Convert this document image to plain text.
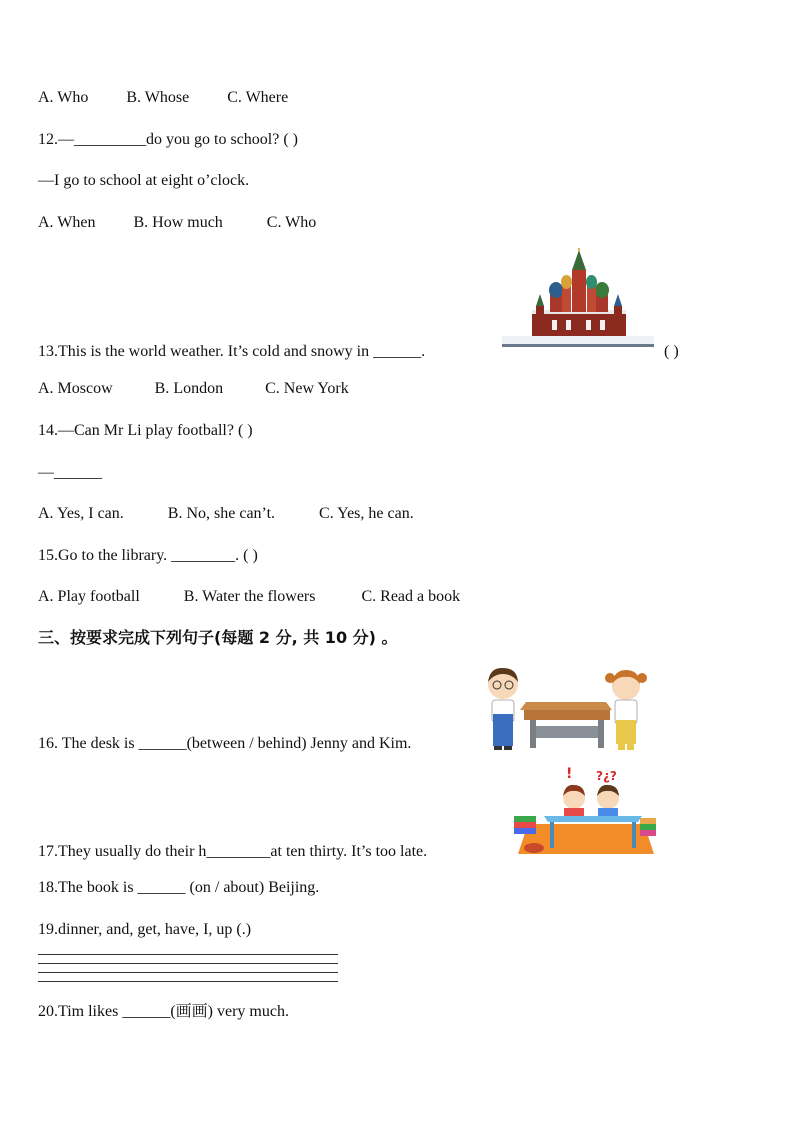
A. Who B. Whose C. Where
12.—_________do you go to school? ( )
—I go to school at eight o’clock.
A. When B. How much	C. Who
13.This is the world weather. It’s cold and snowy in ______.	( )
A. Moscow	B. London	C. New York
14.—Can Mr Li play football? ( )
—______
A. Yes, I can.	B. No, she can’t.	C. Yes, he can.
15.Go to the library. ________. ( )
A. Play football	B. Water the flowers	C. Read a book
三、按要求完成下列句子(每题 2 分, 共 10 分) 。
16. The desk is ______(between / behind) Jenny and Kim.
! ?¿?
17.They usually do their h________at ten thirty. It’s too late.
18.The book is ______ (on / about) Beijing.
19.dinner, and, get, have, I, up (.)
20.Tim likes ______(画画) very much.
